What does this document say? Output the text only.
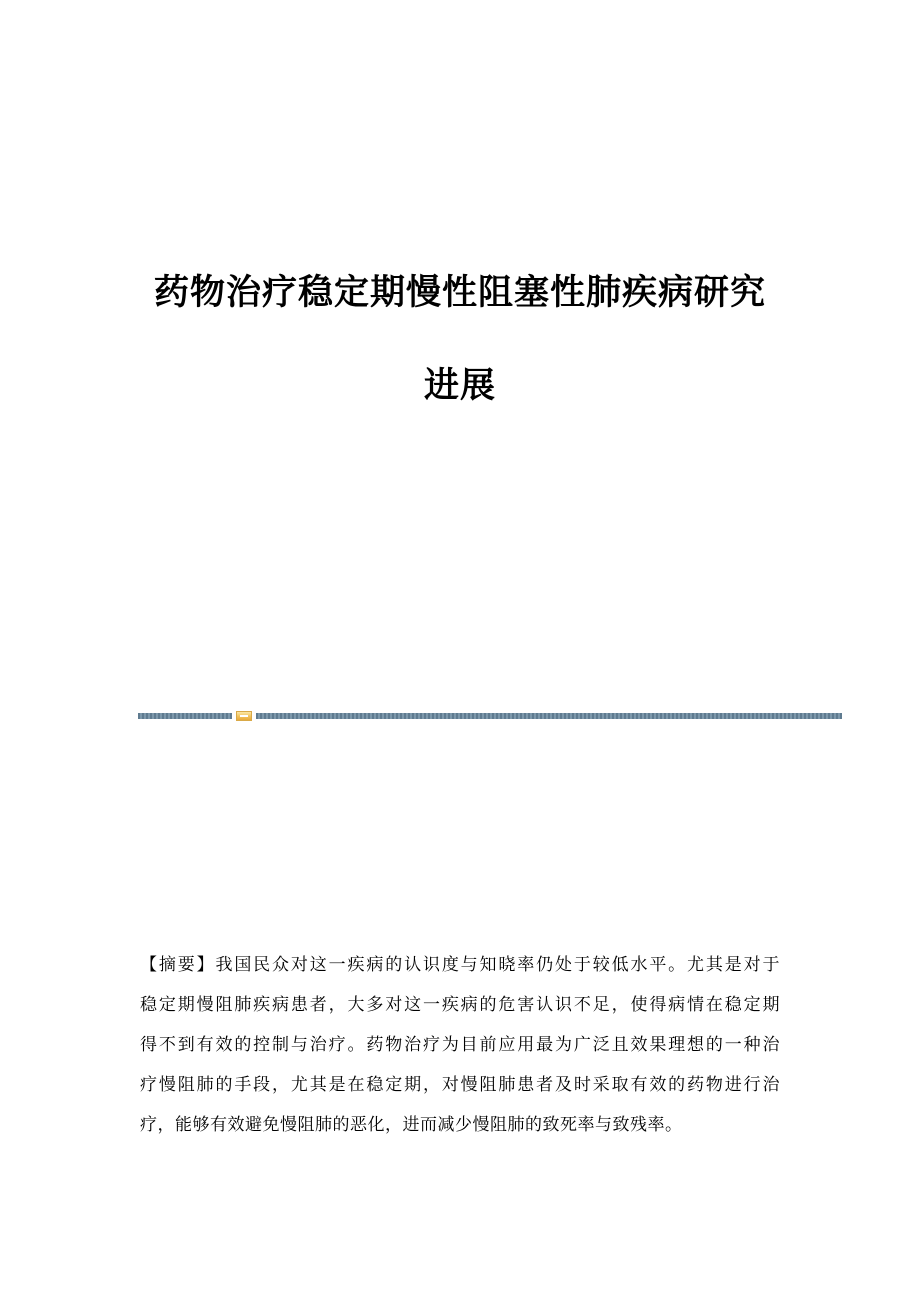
药物治疗稳定期慢性阻塞性肺疾病研究
进展
【摘要】我国民众对这一疾病的认识度与知晓率仍处于较低水平。尤其是对于
稳定期慢阻肺疾病患者，大多对这一疾病的危害认识不足，使得病情在稳定期
得不到有效的控制与治疗。药物治疗为目前应用最为广泛且效果理想的一种治
疗慢阻肺的手段，尤其是在稳定期，对慢阻肺患者及时采取有效的药物进行治
疗，能够有效避免慢阻肺的恶化，进而减少慢阻肺的致死率与致残率。
